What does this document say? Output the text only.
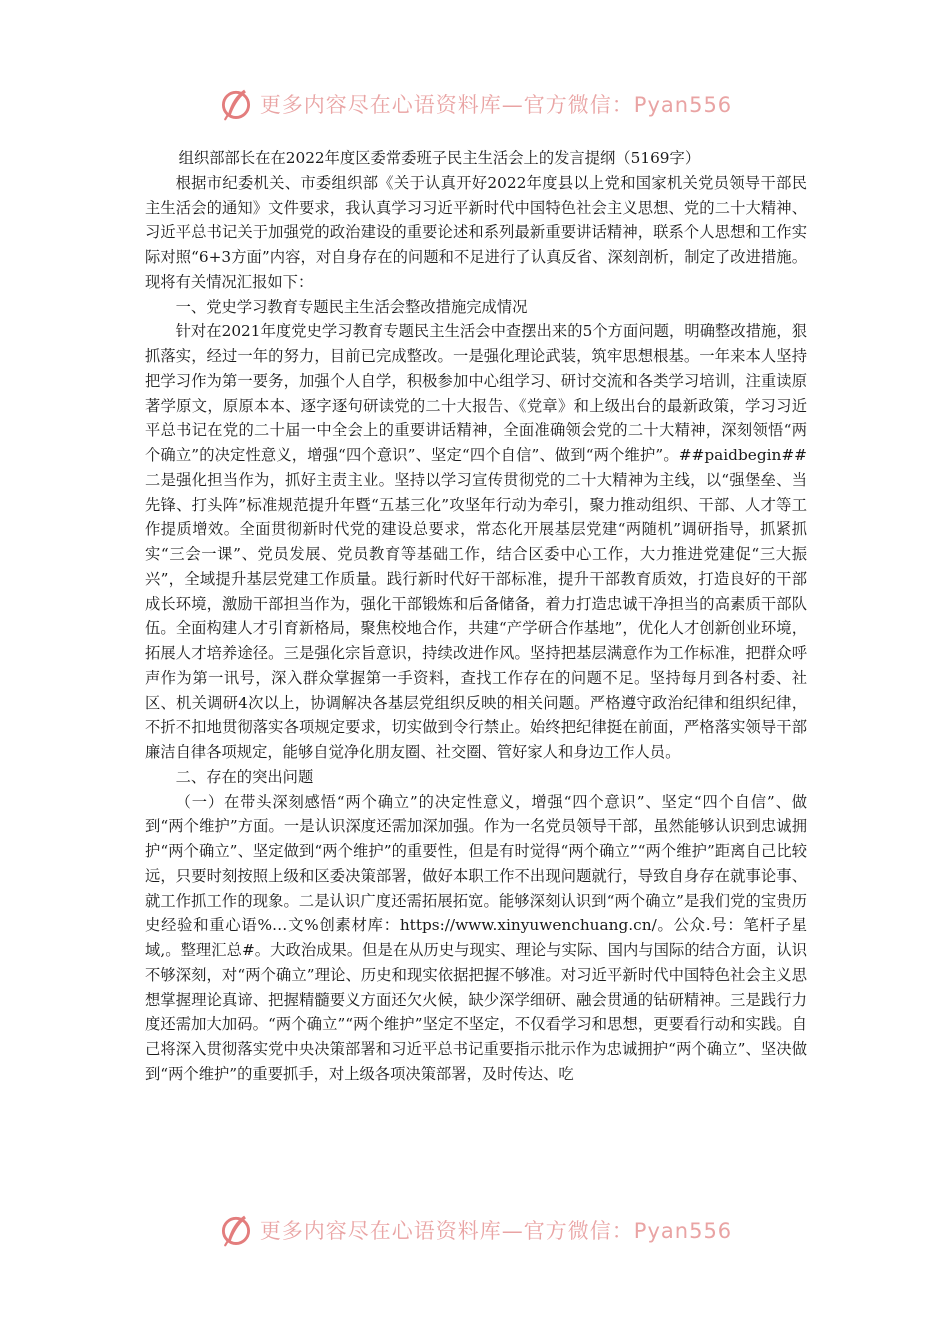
更多内容尽在心语资料库—官方微信：Pyan556

组织部部长在在2022年度区委常委班子民主生活会上的发言提纲（5169字）

根据市纪委机关、市委组织部《关于认真开好2022年度县以上党和国家机关党员领导干部民主生活会的通知》文件要求，我认真学习习近平新时代中国特色社会主义思想、党的二十大精神、习近平总书记关于加强党的政治建设的重要论述和系列最新重要讲话精神，联系个人思想和工作实际对照“6+3方面”内容，对自身存在的问题和不足进行了认真反省、深刻剖析，制定了改进措施。现将有关情况汇报如下：

一、党史学习教育专题民主生活会整改措施完成情况

针对在2021年度党史学习教育专题民主生活会中查摆出来的5个方面问题，明确整改措施，狠抓落实，经过一年的努力，目前已完成整改。一是强化理论武装，筑牢思想根基。一年来本人坚持把学习作为第一要务，加强个人自学，积极参加中心组学习、研讨交流和各类学习培训，注重读原著学原文，原原本本、逐字逐句研读党的二十大报告、《党章》和上级出台的最新政策，学习习近平总书记在党的二十届一中全会上的重要讲话精神，全面准确领会党的二十大精神，深刻领悟“两个确立”的决定性意义，增强“四个意识”、坚定“四个自信”、做到“两个维护”。##paidbegin##二是强化担当作为，抓好主责主业。坚持以学习宣传贯彻党的二十大精神为主线，以“强堡垒、当先锋、打头阵”标准规范提升年暨“五基三化”攻坚年行动为牵引，聚力推动组织、干部、人才等工作提质增效。全面贯彻新时代党的建设总要求，常态化开展基层党建“两随机”调研指导，抓紧抓实“三会一课”、党员发展、党员教育等基础工作，结合区委中心工作，大力推进党建促“三大振兴”，全域提升基层党建工作质量。践行新时代好干部标准，提升干部教育质效，打造良好的干部成长环境，激励干部担当作为，强化干部锻炼和后备储备，着力打造忠诚干净担当的高素质干部队伍。全面构建人才引育新格局，聚焦校地合作，共建“产学研合作基地”，优化人才创新创业环境，拓展人才培养途径。三是强化宗旨意识，持续改进作风。坚持把基层满意作为工作标准，把群众呼声作为第一讯号，深入群众掌握第一手资料，查找工作存在的问题不足。坚持每月到各村委、社区、机关调研4次以上，协调解决各基层党组织反映的相关问题。严格遵守政治纪律和组织纪律，不折不扣地贯彻落实各项规定要求，切实做到令行禁止。始终把纪律挺在前面，严格落实领导干部廉洁自律各项规定，能够自觉净化朋友圈、社交圈、管好家人和身边工作人员。

二、存在的突出问题

（一）在带头深刻感悟“两个确立”的决定性意义，增强“四个意识”、坚定“四个自信”、做到“两个维护”方面。一是认识深度还需加深加强。作为一名党员领导干部，虽然能够认识到忠诚拥护“两个确立”、坚定做到“两个维护”的重要性，但是有时觉得“两个确立”“两个维护”距离自己比较远，只要时刻按照上级和区委决策部署，做好本职工作不出现问题就行，导致自身存在就事论事、就工作抓工作的现象。二是认识广度还需拓展拓宽。能够深刻认识到“两个确立”是我们党的宝贵历史经验和重心语%…文%创素材库：https://www.xinyuwenchuang.cn/。公众.号：笔杆子星域,。整理汇总#。大政治成果。但是在从历史与现实、理论与实际、国内与国际的结合方面，认识不够深刻，对“两个确立”理论、历史和现实依据把握不够准。对习近平新时代中国特色社会主义思想掌握理论真谛、把握精髓要义方面还欠火候，缺少深学细研、融会贯通的钻研精神。三是践行力度还需加大加码。“两个确立”“两个维护”坚定不坚定，不仅看学习和思想，更要看行动和实践。自己将深入贯彻落实党中央决策部署和习近平总书记重要指示批示作为忠诚拥护“两个确立”、坚决做到“两个维护”的重要抓手，对上级各项决策部署，及时传达、吃

更多内容尽在心语资料库—官方微信：Pyan556
